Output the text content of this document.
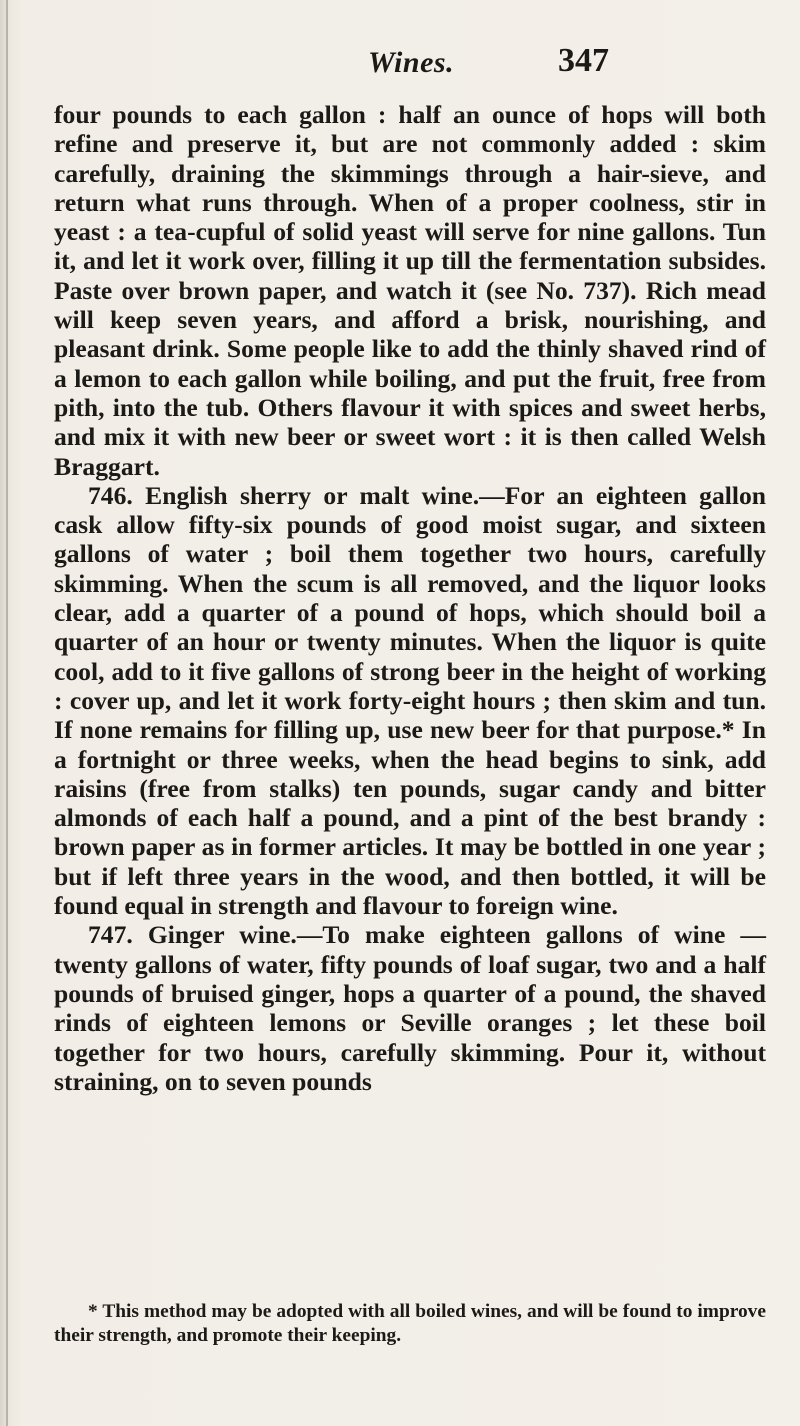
Wines.	347

four pounds to each gallon : half an ounce of hops will both refine and preserve it, but are not commonly added : skim carefully, draining the skimmings through a hair-sieve, and return what runs through. When of a proper coolness, stir in yeast : a tea-cupful of solid yeast will serve for nine gallons. Tun it, and let it work over, filling it up till the fermentation subsides. Paste over brown paper, and watch it (see No. 737). Rich mead will keep seven years, and afford a brisk, nourishing, and pleasant drink. Some people like to add the thinly shaved rind of a lemon to each gallon while boiling, and put the fruit, free from pith, into the tub. Others flavour it with spices and sweet herbs, and mix it with new beer or sweet wort : it is then called Welsh Braggart.

746. English sherry or malt wine.—For an eighteen gallon cask allow fifty-six pounds of good moist sugar, and sixteen gallons of water ; boil them together two hours, carefully skimming. When the scum is all removed, and the liquor looks clear, add a quarter of a pound of hops, which should boil a quarter of an hour or twenty minutes. When the liquor is quite cool, add to it five gallons of strong beer in the height of working : cover up, and let it work forty-eight hours ; then skim and tun. If none remains for filling up, use new beer for that purpose.* In a fortnight or three weeks, when the head begins to sink, add raisins (free from stalks) ten pounds, sugar candy and bitter almonds of each half a pound, and a pint of the best brandy : brown paper as in former articles. It may be bottled in one year ; but if left three years in the wood, and then bottled, it will be found equal in strength and flavour to foreign wine.

747. Ginger wine.—To make eighteen gallons of wine —twenty gallons of water, fifty pounds of loaf sugar, two and a half pounds of bruised ginger, hops a quarter of a pound, the shaved rinds of eighteen lemons or Seville oranges ; let these boil together for two hours, carefully skimming. Pour it, without straining, on to seven pounds

* This method may be adopted with all boiled wines, and will be found to improve their strength, and promote their keeping.
